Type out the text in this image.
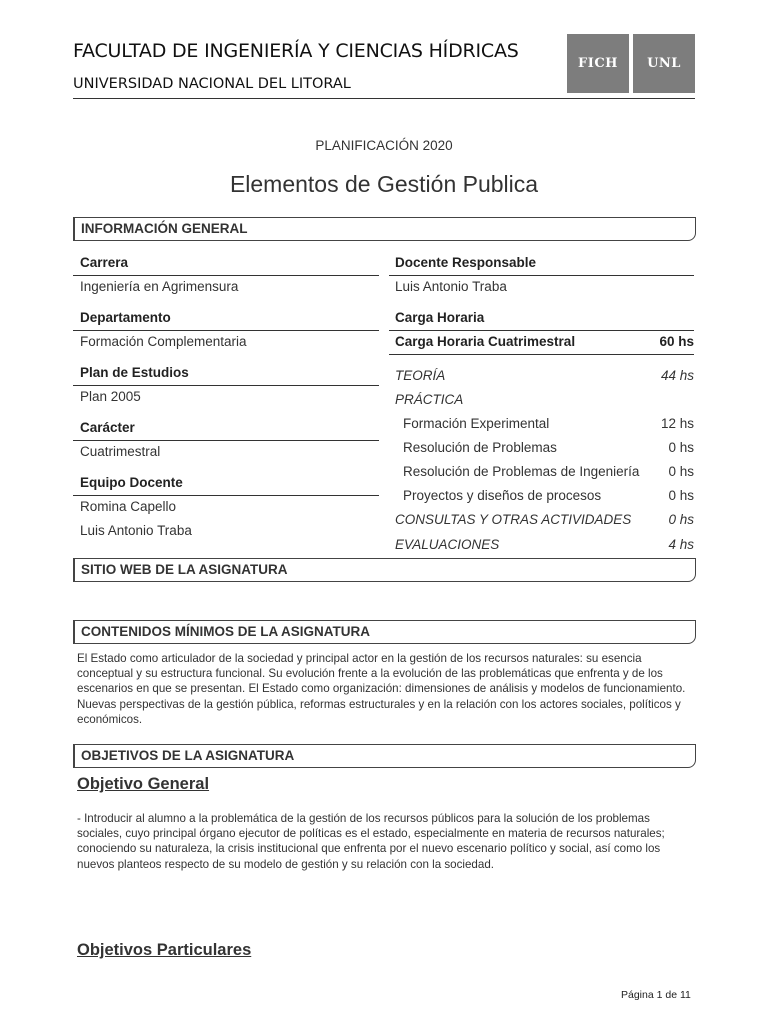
FACULTAD DE INGENIERÍA Y CIENCIAS HÍDRICAS
UNIVERSIDAD NACIONAL DEL LITORAL
FICH	UNL
PLANIFICACIÓN 2020
Elementos de Gestión Publica
INFORMACIÓN GENERAL
Carrera
Ingeniería en Agrimensura
Departamento
Formación Complementaria
Plan de Estudios
Plan 2005
Carácter
Cuatrimestral
Equipo Docente
Romina Capello
Luis Antonio Traba
Docente Responsable
Luis Antonio Traba
Carga Horaria
Carga Horaria Cuatrimestral	60 hs
TEORÍA	44 hs
PRÁCTICA
Formación Experimental	12 hs
Resolución de Problemas	0 hs
Resolución de Problemas de Ingeniería 0 hs
Proyectos y diseños de procesos	0 hs
CONSULTAS Y OTRAS ACTIVIDADES	0 hs
EVALUACIONES	4 hs
SITIO WEB DE LA ASIGNATURA
CONTENIDOS MÍNIMOS DE LA ASIGNATURA
El Estado como articulador de la sociedad y principal actor en la gestión de los recursos naturales: su esencia conceptual y su estructura funcional. Su evolución frente a la evolución de las problemáticas que enfrenta y de los escenarios en que se presentan. El Estado como organización: dimensiones de análisis y modelos de funcionamiento. Nuevas perspectivas de la gestión pública, reformas estructurales y en la relación con los actores sociales, políticos y económicos.
OBJETIVOS DE LA ASIGNATURA
Objetivo General
- Introducir al alumno a la problemática de la gestión de los recursos públicos para la solución de los problemas sociales, cuyo principal órgano ejecutor de políticas es el estado, especialmente en materia de recursos naturales; conociendo su naturaleza, la crisis institucional que enfrenta por el nuevo escenario político y social, así como los nuevos planteos respecto de su modelo de gestión y su relación con la sociedad.
Objetivos Particulares
Página 1 de 11
